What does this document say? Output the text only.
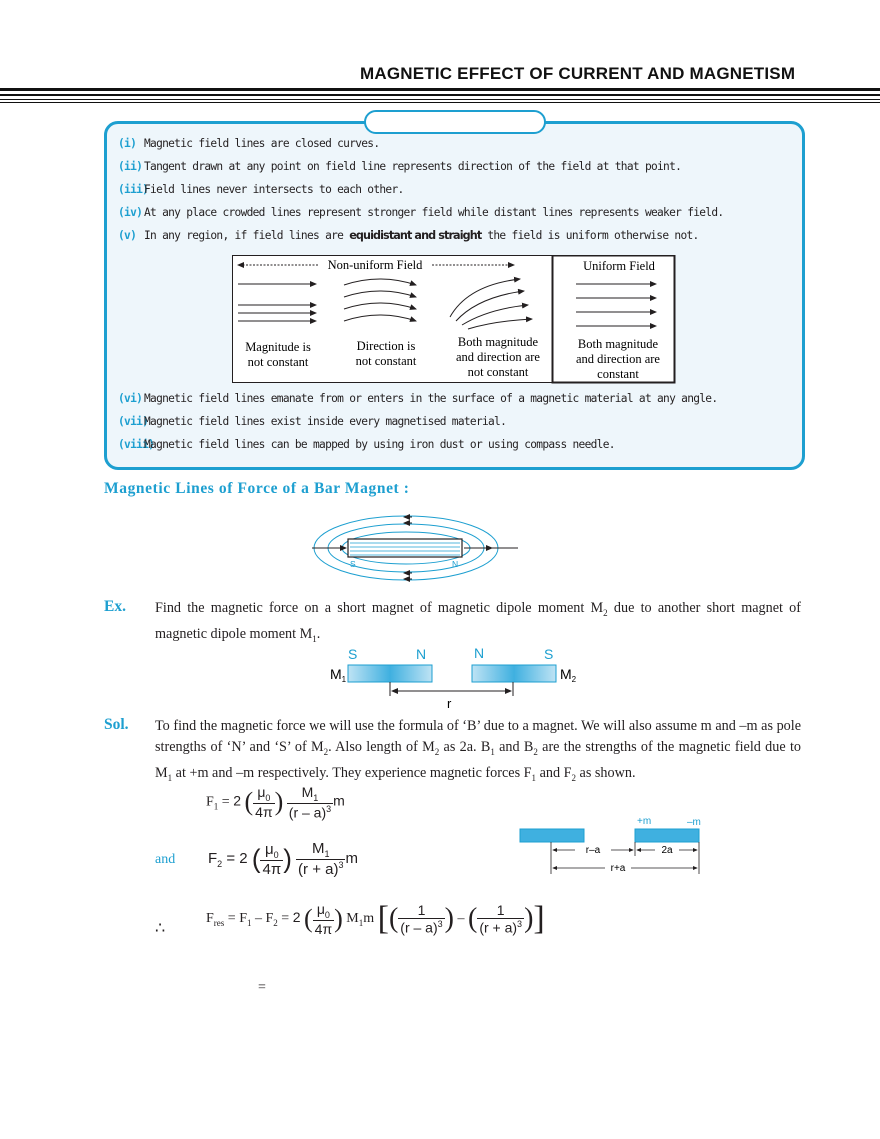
MAGNETIC EFFECT OF CURRENT AND MAGNETISM
(i) Magnetic field lines are closed curves.
(ii) Tangent drawn at any point on field line represents direction of the field at that point.
(iii)Field lines never intersects to each other.
(iv) At any place crowded lines represent stronger field while distant lines represents weaker field.
(v) In any region, if field lines are equidistant and straight the field is uniform otherwise not.
Non-uniform Field	Uniform Field
Magnitude is
not constant
Direction is
not constant
Both magnitude
and direction are
not constant
Both magnitude
and direction are
constant
(vi) Magnetic field lines emanate from or enters in the surface of a magnetic material at any angle.
(vii)Magnetic field lines exist inside every magnetised material.
(viii)Magnetic field lines can be mapped by using iron dust or using compass needle.
Magnetic Lines of Force of a Bar Magnet :
S	N
Ex. Find the magnetic force on a short magnet of magnetic dipole moment $M_2$ due to another short magnet of magnetic dipole moment $M_1$.
S	N	N	S
$M_1$	$M_2$
r
Sol. To find the magnetic force we will use the formula of ‘B’ due to a magnet. We will also assume m and –m as pole strengths of ‘N’ and ‘S’ of $M_2$. Also length of $M_2$ as 2a. $B_1$ and $B_2$ are the strengths of the magnetic field due to $M_1$ at +m and –m respectively. They experience magnetic forces $F_1$ and $F_2$ as shown.
$F_1 = 2$ ( $\frac{\mu_0}{4\pi}$ ) $\frac{M_1}{(r - a)^3}$ m
and $F_2 = 2$ ( $\frac{\mu_0}{4\pi}$ ) $\frac{M_1}{(r + a)^3}$ m
+m	–m
r–a	2a
r+a
∴
$F_{res} = F_1 - F_2 = 2$ ( $\frac{\mu_0}{4\pi}$ ) $M_1m$ [( $\frac{1}{(r - a)^3}$ ) – ( $\frac{1}{(r + a)^3}$ )]
=
